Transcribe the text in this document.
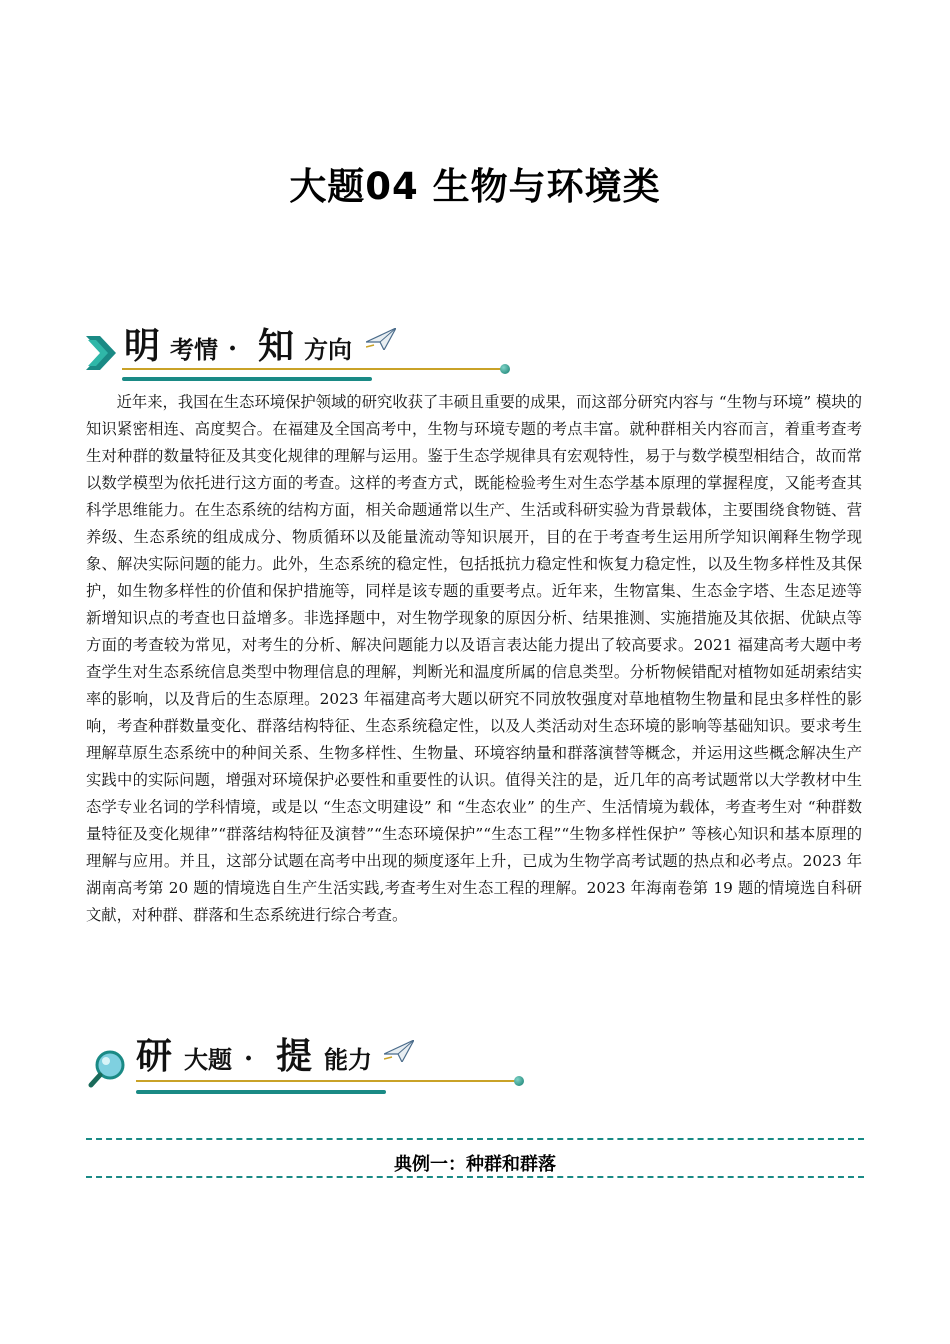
大题04 生物与环境类
明 考情 · 知 方向
近年来，我国在生态环境保护领域的研究收获了丰硕且重要的成果，而这部分研究内容与 “生物与环境” 模块的知识紧密相连、高度契合。在福建及全国高考中，生物与环境专题的考点丰富。就种群相关内容而言，着重考查考生对种群的数量特征及其变化规律的理解与运用。鉴于生态学规律具有宏观特性，易于与数学模型相结合，故而常以数学模型为依托进行这方面的考查。这样的考查方式，既能检验考生对生态学基本原理的掌握程度，又能考查其科学思维能力。在生态系统的结构方面，相关命题通常以生产、生活或科研实验为背景载体，主要围绕食物链、营养级、生态系统的组成成分、物质循环以及能量流动等知识展开，目的在于考查考生运用所学知识阐释生物学现象、解决实际问题的能力。此外，生态系统的稳定性，包括抵抗力稳定性和恢复力稳定性，以及生物多样性及其保护，如生物多样性的价值和保护措施等，同样是该专题的重要考点。近年来，生物富集、生态金字塔、生态足迹等新增知识点的考查也日益增多。非选择题中，对生物学现象的原因分析、结果推测、实施措施及其依据、优缺点等方面的考查较为常见，对考生的分析、解决问题能力以及语言表达能力提出了较高要求。2021 福建高考大题中考查学生对生态系统信息类型中物理信息的理解，判断光和温度所属的信息类型。分析物候错配对植物如延胡索结实率的影响，以及背后的生态原理。2023 年福建高考大题以研究不同放牧强度对草地植物生物量和昆虫多样性的影响，考查种群数量变化、群落结构特征、生态系统稳定性，以及人类活动对生态环境的影响等基础知识。要求考生理解草原生态系统中的种间关系、生物多样性、生物量、环境容纳量和群落演替等概念，并运用这些概念解决生产实践中的实际问题，增强对环境保护必要性和重要性的认识。值得关注的是，近几年的高考试题常以大学教材中生态学专业名词的学科情境，或是以 “生态文明建设” 和 “生态农业” 的生产、生活情境为载体，考查考生对 “种群数量特征及变化规律”“群落结构特征及演替”“生态环境保护”“生态工程”“生物多样性保护” 等核心知识和基本原理的理解与应用。并且，这部分试题在高考中出现的频度逐年上升，已成为生物学高考试题的热点和必考点。2023 年湖南高考第 20 题的情境选自生产生活实践,考查考生对生态工程的理解。2023 年海南卷第 19 题的情境选自科研文献，对种群、群落和生态系统进行综合考查。
研 大题 · 提 能力
典例一：种群和群落
